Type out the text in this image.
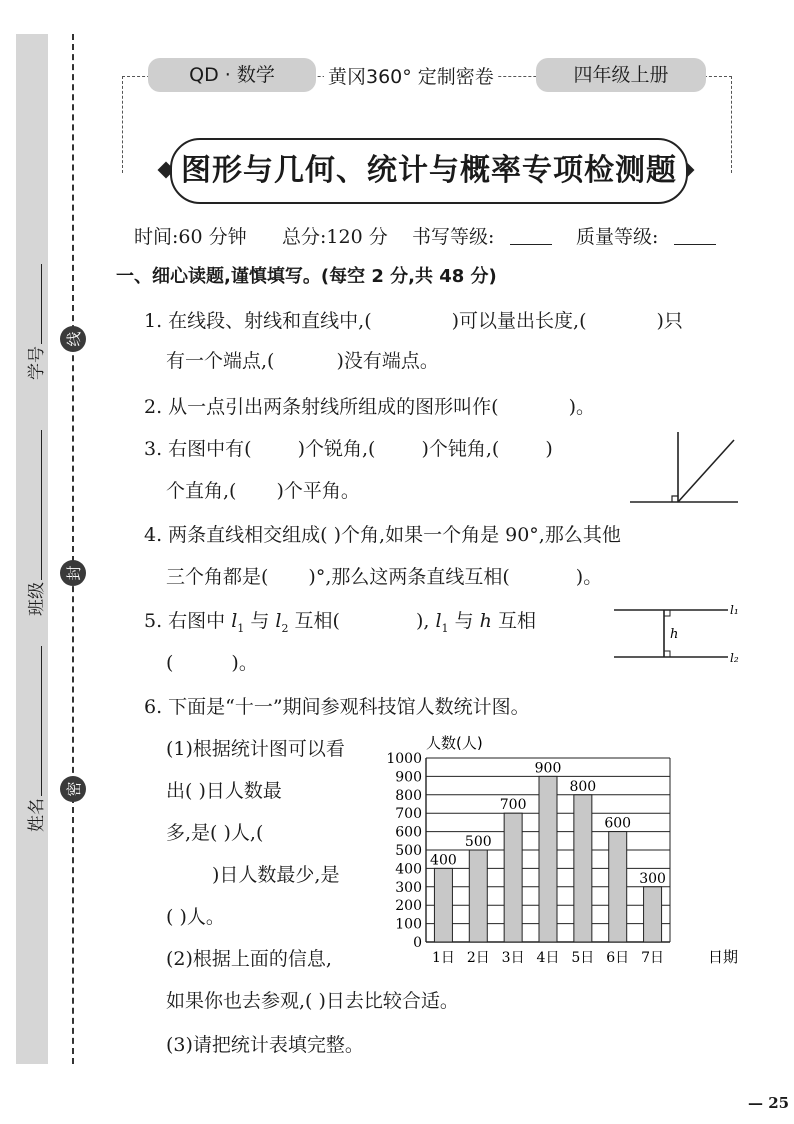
线
封
密
学号
班级
姓名
QD · 数学	黄冈360° 定制密卷	四年级上册
图形与几何、统计与概率专项检测题
时间:60 分钟 总分:120 分 书写等级:	质量等级:
一、细心读题,谨慎填写。(每空 2 分,共 48 分)
1. 在线段、射线和直线中,(	)可以量出长度,(	)只
有一个端点,(	)没有端点。
2. 从一点引出两条射线所组成的图形叫作(	)。
3. 右图中有( )个锐角,( )个钝角,( )
个直角,( )个平角。
4. 两条直线相交组成( )个角,如果一个角是 90°,那么其他
三个角都是( )°,那么这两条直线互相(	)。
5. 右图中 $l_1$ 与 $l_2$ 互相(	), $l_1$ 与 h 互相
(	)。
l₁
l₂
h
6. 下面是“十一”期间参观科技馆人数统计图。
(1)根据统计图可以看
出( )日人数最
多,是( )人,(
)日人数最少,是
( )人。
(2)根据上面的信息,
如果你也去参观,( )日去比较合适。
(3)请把统计表填完整。
0
100
200
300
400
500
600
700
800
900
1000
400
1日
500
2日
700
3日
900
4日
800
5日
600
6日
300
7日
人数(人)
日期
— 25
